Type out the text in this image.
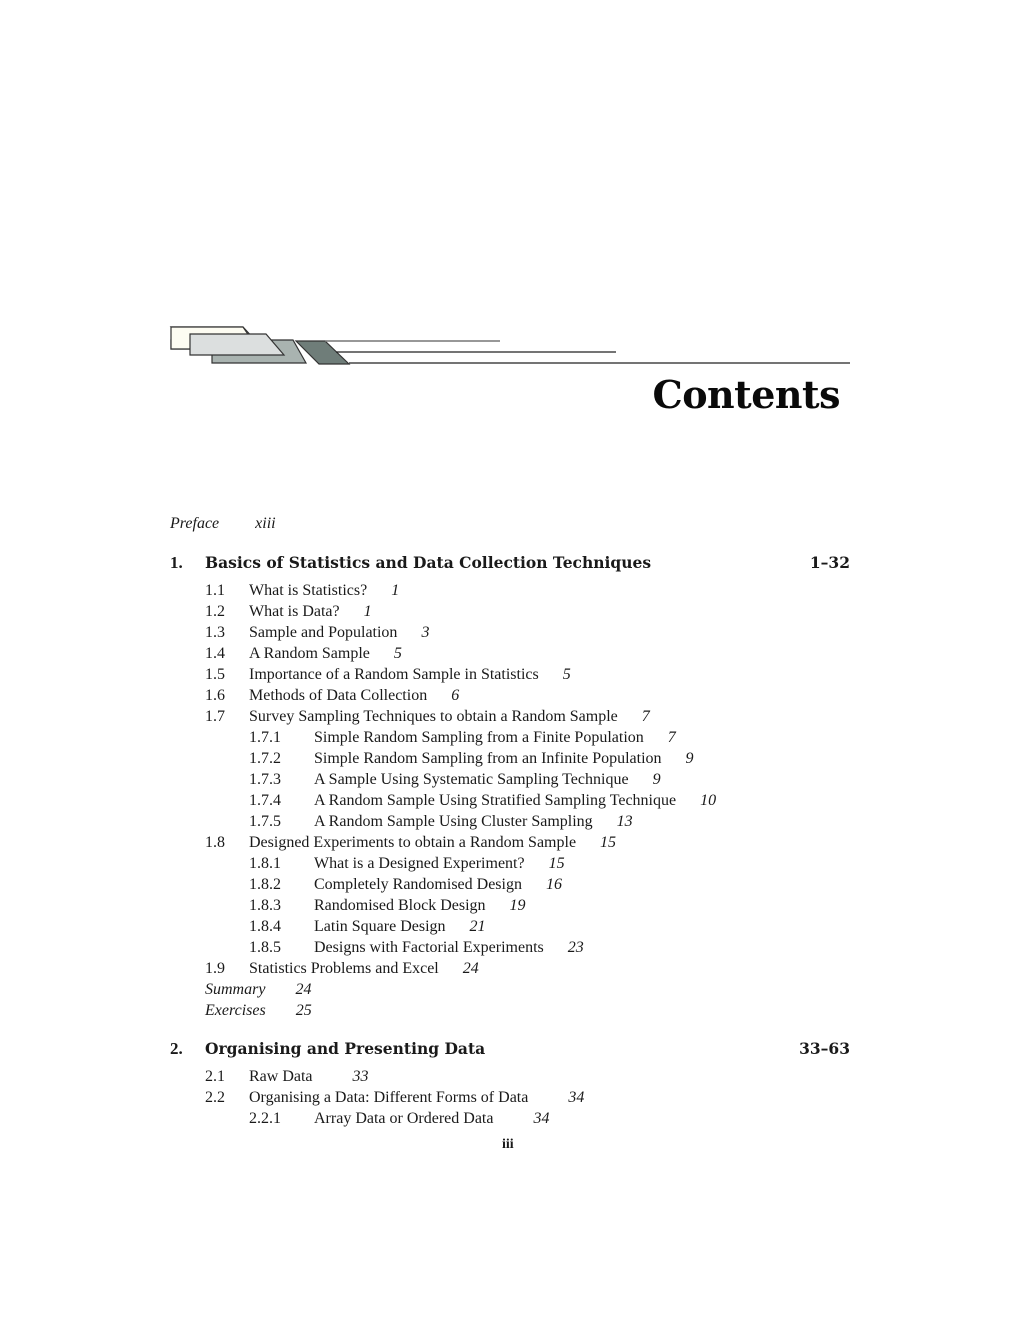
Contents
Preface xiii
1. Basics of Statistics and Data Collection Techniques	1–32
1.1 What is Statistics? 1
1.2 What is Data? 1
1.3 Sample and Population 3
1.4 A Random Sample 5
1.5 Importance of a Random Sample in Statistics 5
1.6 Methods of Data Collection 6
1.7 Survey Sampling Techniques to obtain a Random Sample 7
1.7.1 Simple Random Sampling from a Finite Population 7
1.7.2 Simple Random Sampling from an Infinite Population 9
1.7.3 A Sample Using Systematic Sampling Technique 9
1.7.4 A Random Sample Using Stratified Sampling Technique 10
1.7.5 A Random Sample Using Cluster Sampling 13
1.8 Designed Experiments to obtain a Random Sample 15
1.8.1 What is a Designed Experiment? 15
1.8.2 Completely Randomised Design 16
1.8.3 Randomised Block Design 19
1.8.4 Latin Square Design 21
1.8.5 Designs with Factorial Experiments 23
1.9 Statistics Problems and Excel 24
Summary 24
Exercises 25
2. Organising and Presenting Data	33–63
2.1 Raw Data	33
2.2 Organising a Data: Different Forms of Data	34
2.2.1 Array Data or Ordered Data	34
iii
